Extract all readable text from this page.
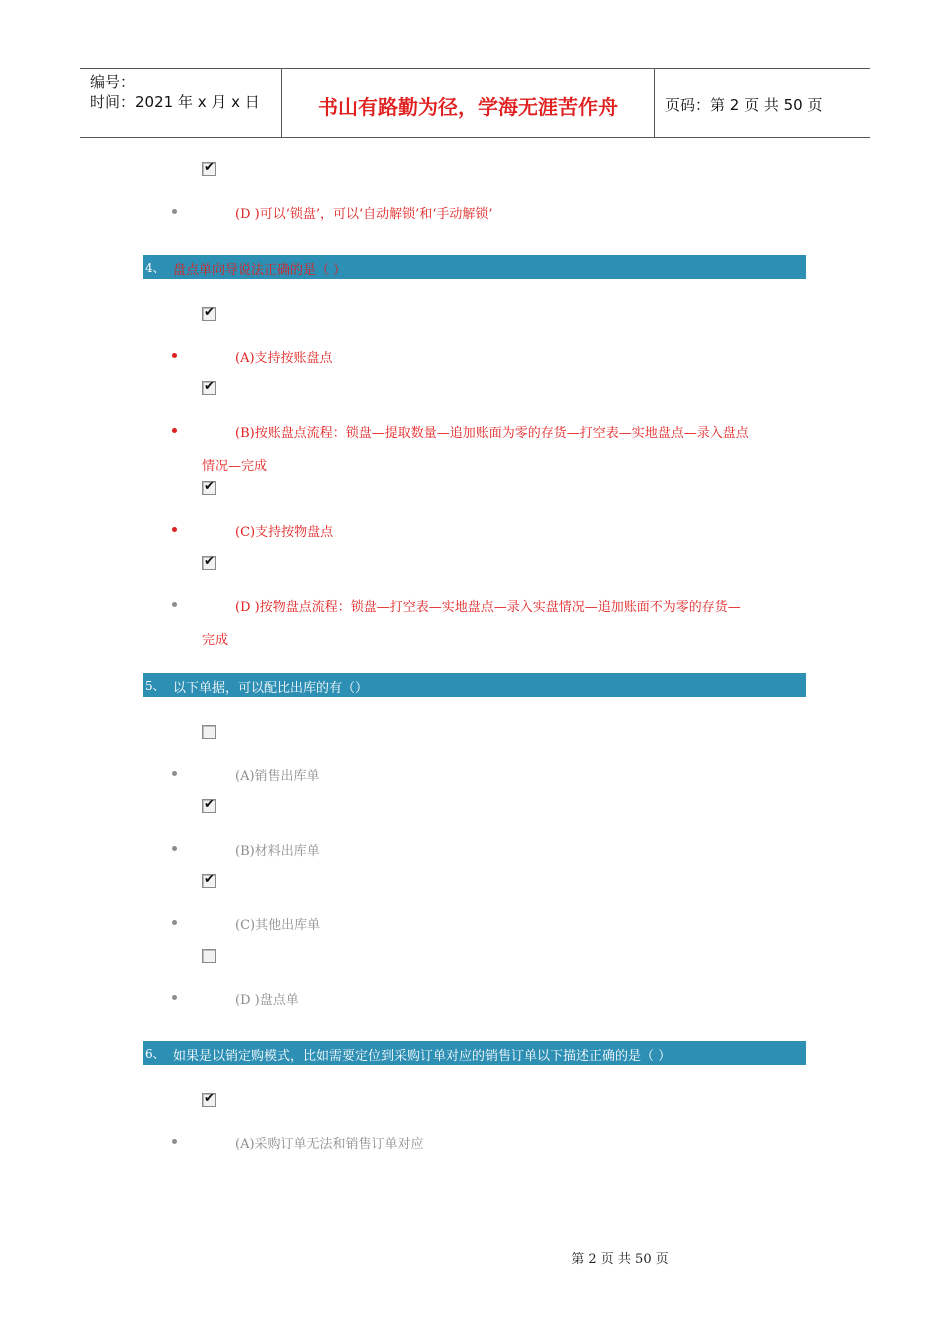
编号：
时间：2021 年 x 月 x 日	书山有路勤为径，学海无涯苦作舟	页码：第 2 页 共 50 页
✔
(D )可以‘锁盘’，可以‘自动解锁’和‘手动解锁’
4、 盘点单向导说法正确的是（ ）
✔
(A)支持按账盘点
✔
(B)按账盘点流程：锁盘—提取数量—追加账面为零的存货—打空表—实地盘点—录入盘点
情况—完成
✔
(C)支持按物盘点
✔
(D )按物盘点流程：锁盘—打空表—实地盘点—录入实盘情况—追加账面不为零的存货—
完成
5、 以下单据，可以配比出库的有（）
(A)销售出库单
✔
(B)材料出库单
✔
(C)其他出库单
(D )盘点单
6、 如果是以销定购模式，比如需要定位到采购订单对应的销售订单以下描述正确的是（ ）
✔
(A)采购订单无法和销售订单对应
第 2 页 共 50 页
